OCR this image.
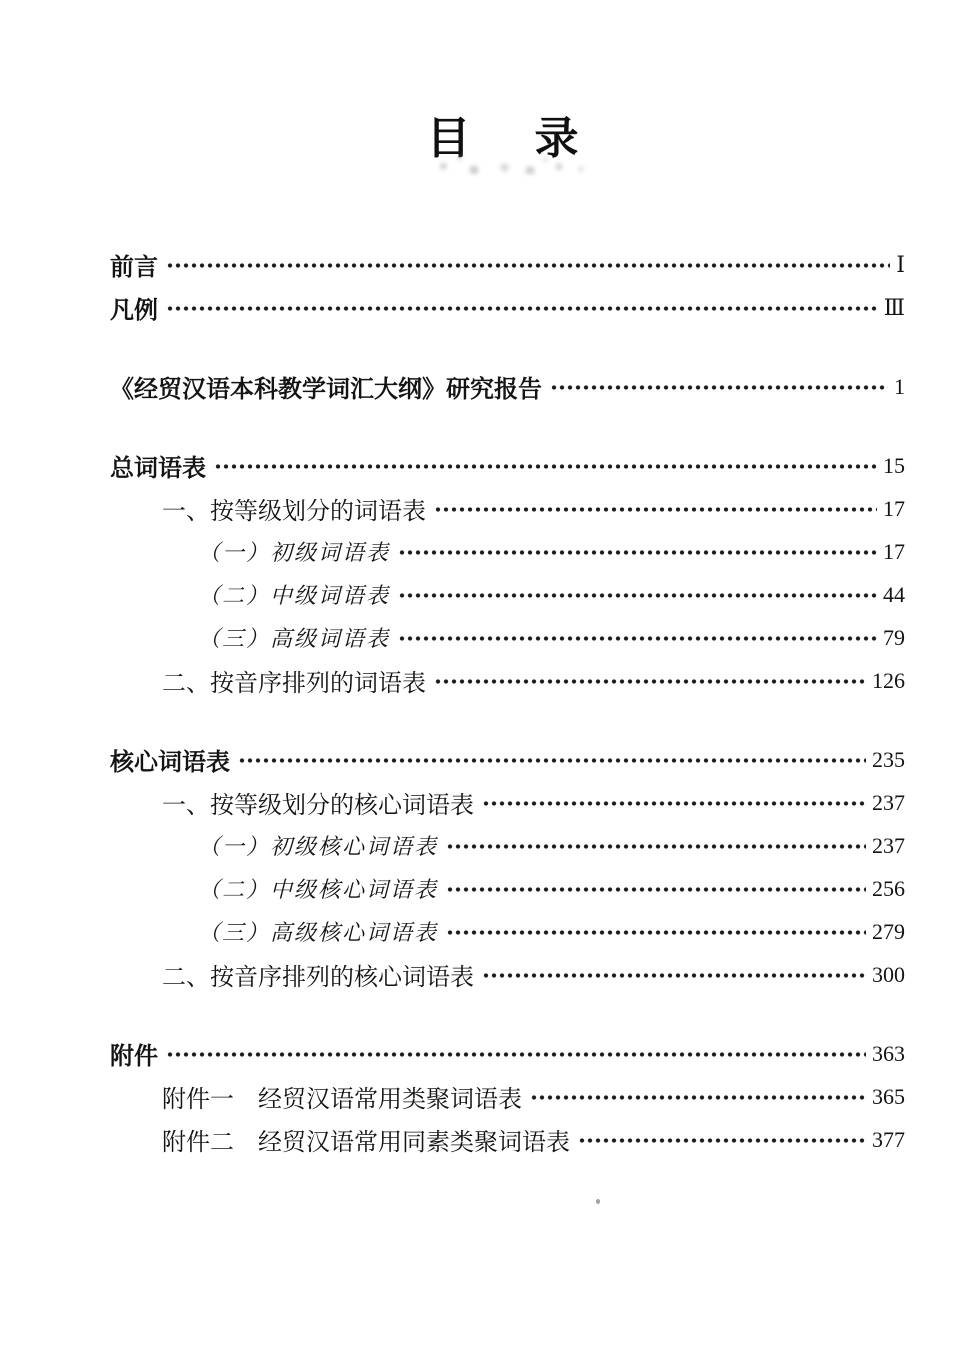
目　录
前言	Ⅰ
凡例	Ⅲ
《经贸汉语本科教学词汇大纲》研究报告	1
总词语表	15
一、按等级划分的词语表	17
（一）初级词语表	17
（二）中级词语表	44
（三）高级词语表	79
二、按音序排列的词语表	126
核心词语表	235
一、按等级划分的核心词语表	237
（一）初级核心词语表	237
（二）中级核心词语表	256
（三）高级核心词语表	279
二、按音序排列的核心词语表	300
附件	363
附件一　经贸汉语常用类聚词语表	365
附件二　经贸汉语常用同素类聚词语表	377
